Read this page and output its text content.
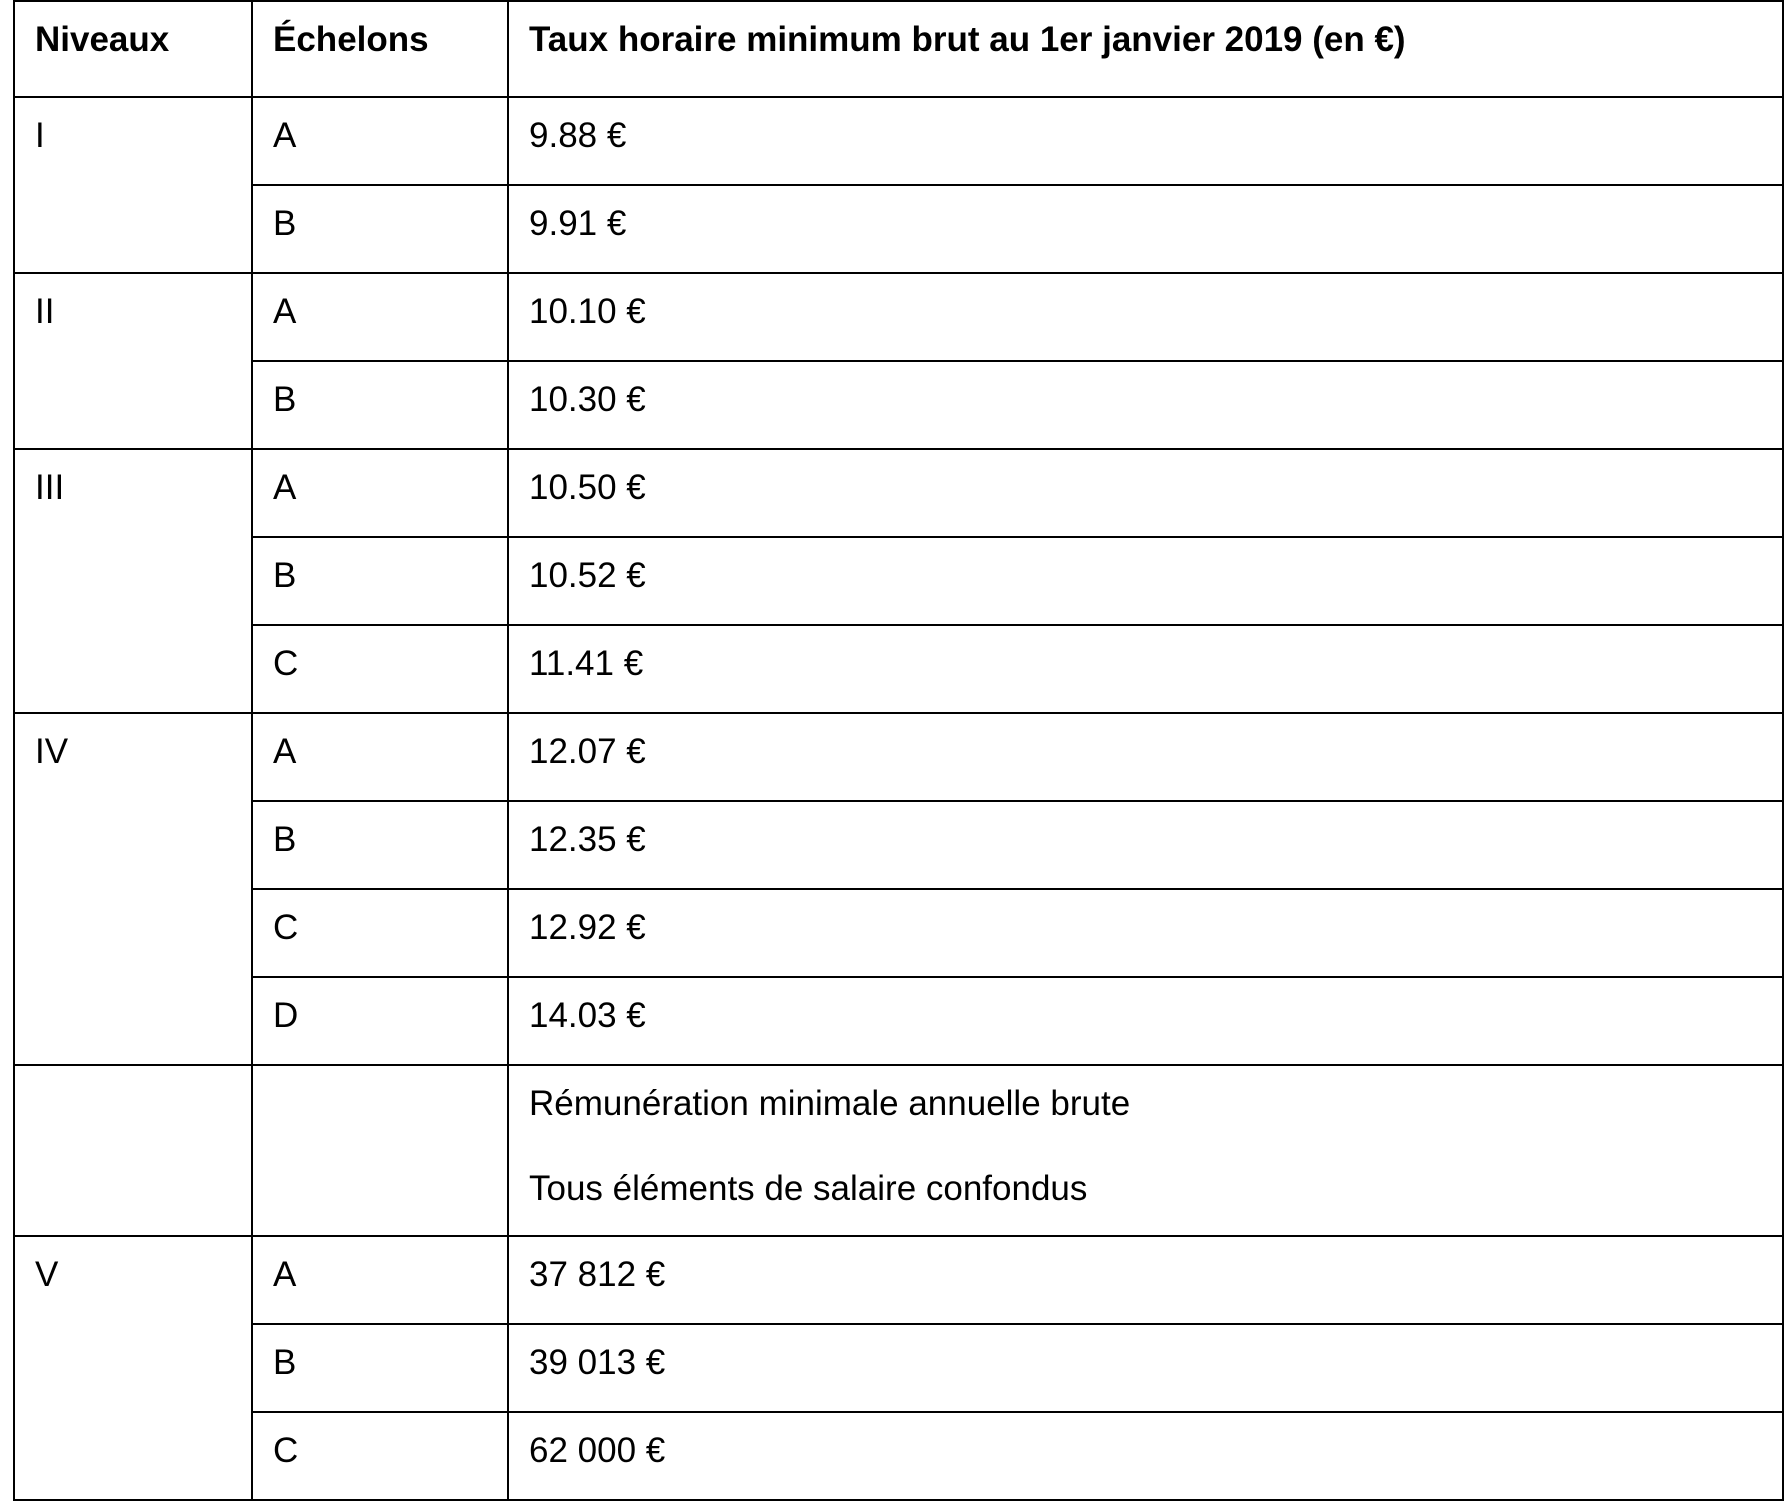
Niveaux	Échelons	Taux horaire minimum brut au 1er janvier 2019 (en €)
I	A	9.88 €
	B	9.91 €
II	A	10.10 €
	B	10.30 €
III	A	10.50 €
	B	10.52 €
	C	11.41 €
IV	A	12.07 €
	B	12.35 €
	C	12.92 €
	D	14.03 €

		Rémunération minimale annuelle brute
Tous éléments de salaire confondus

V	A	37 812 €
	B	39 013 €
	C	62 000 €
